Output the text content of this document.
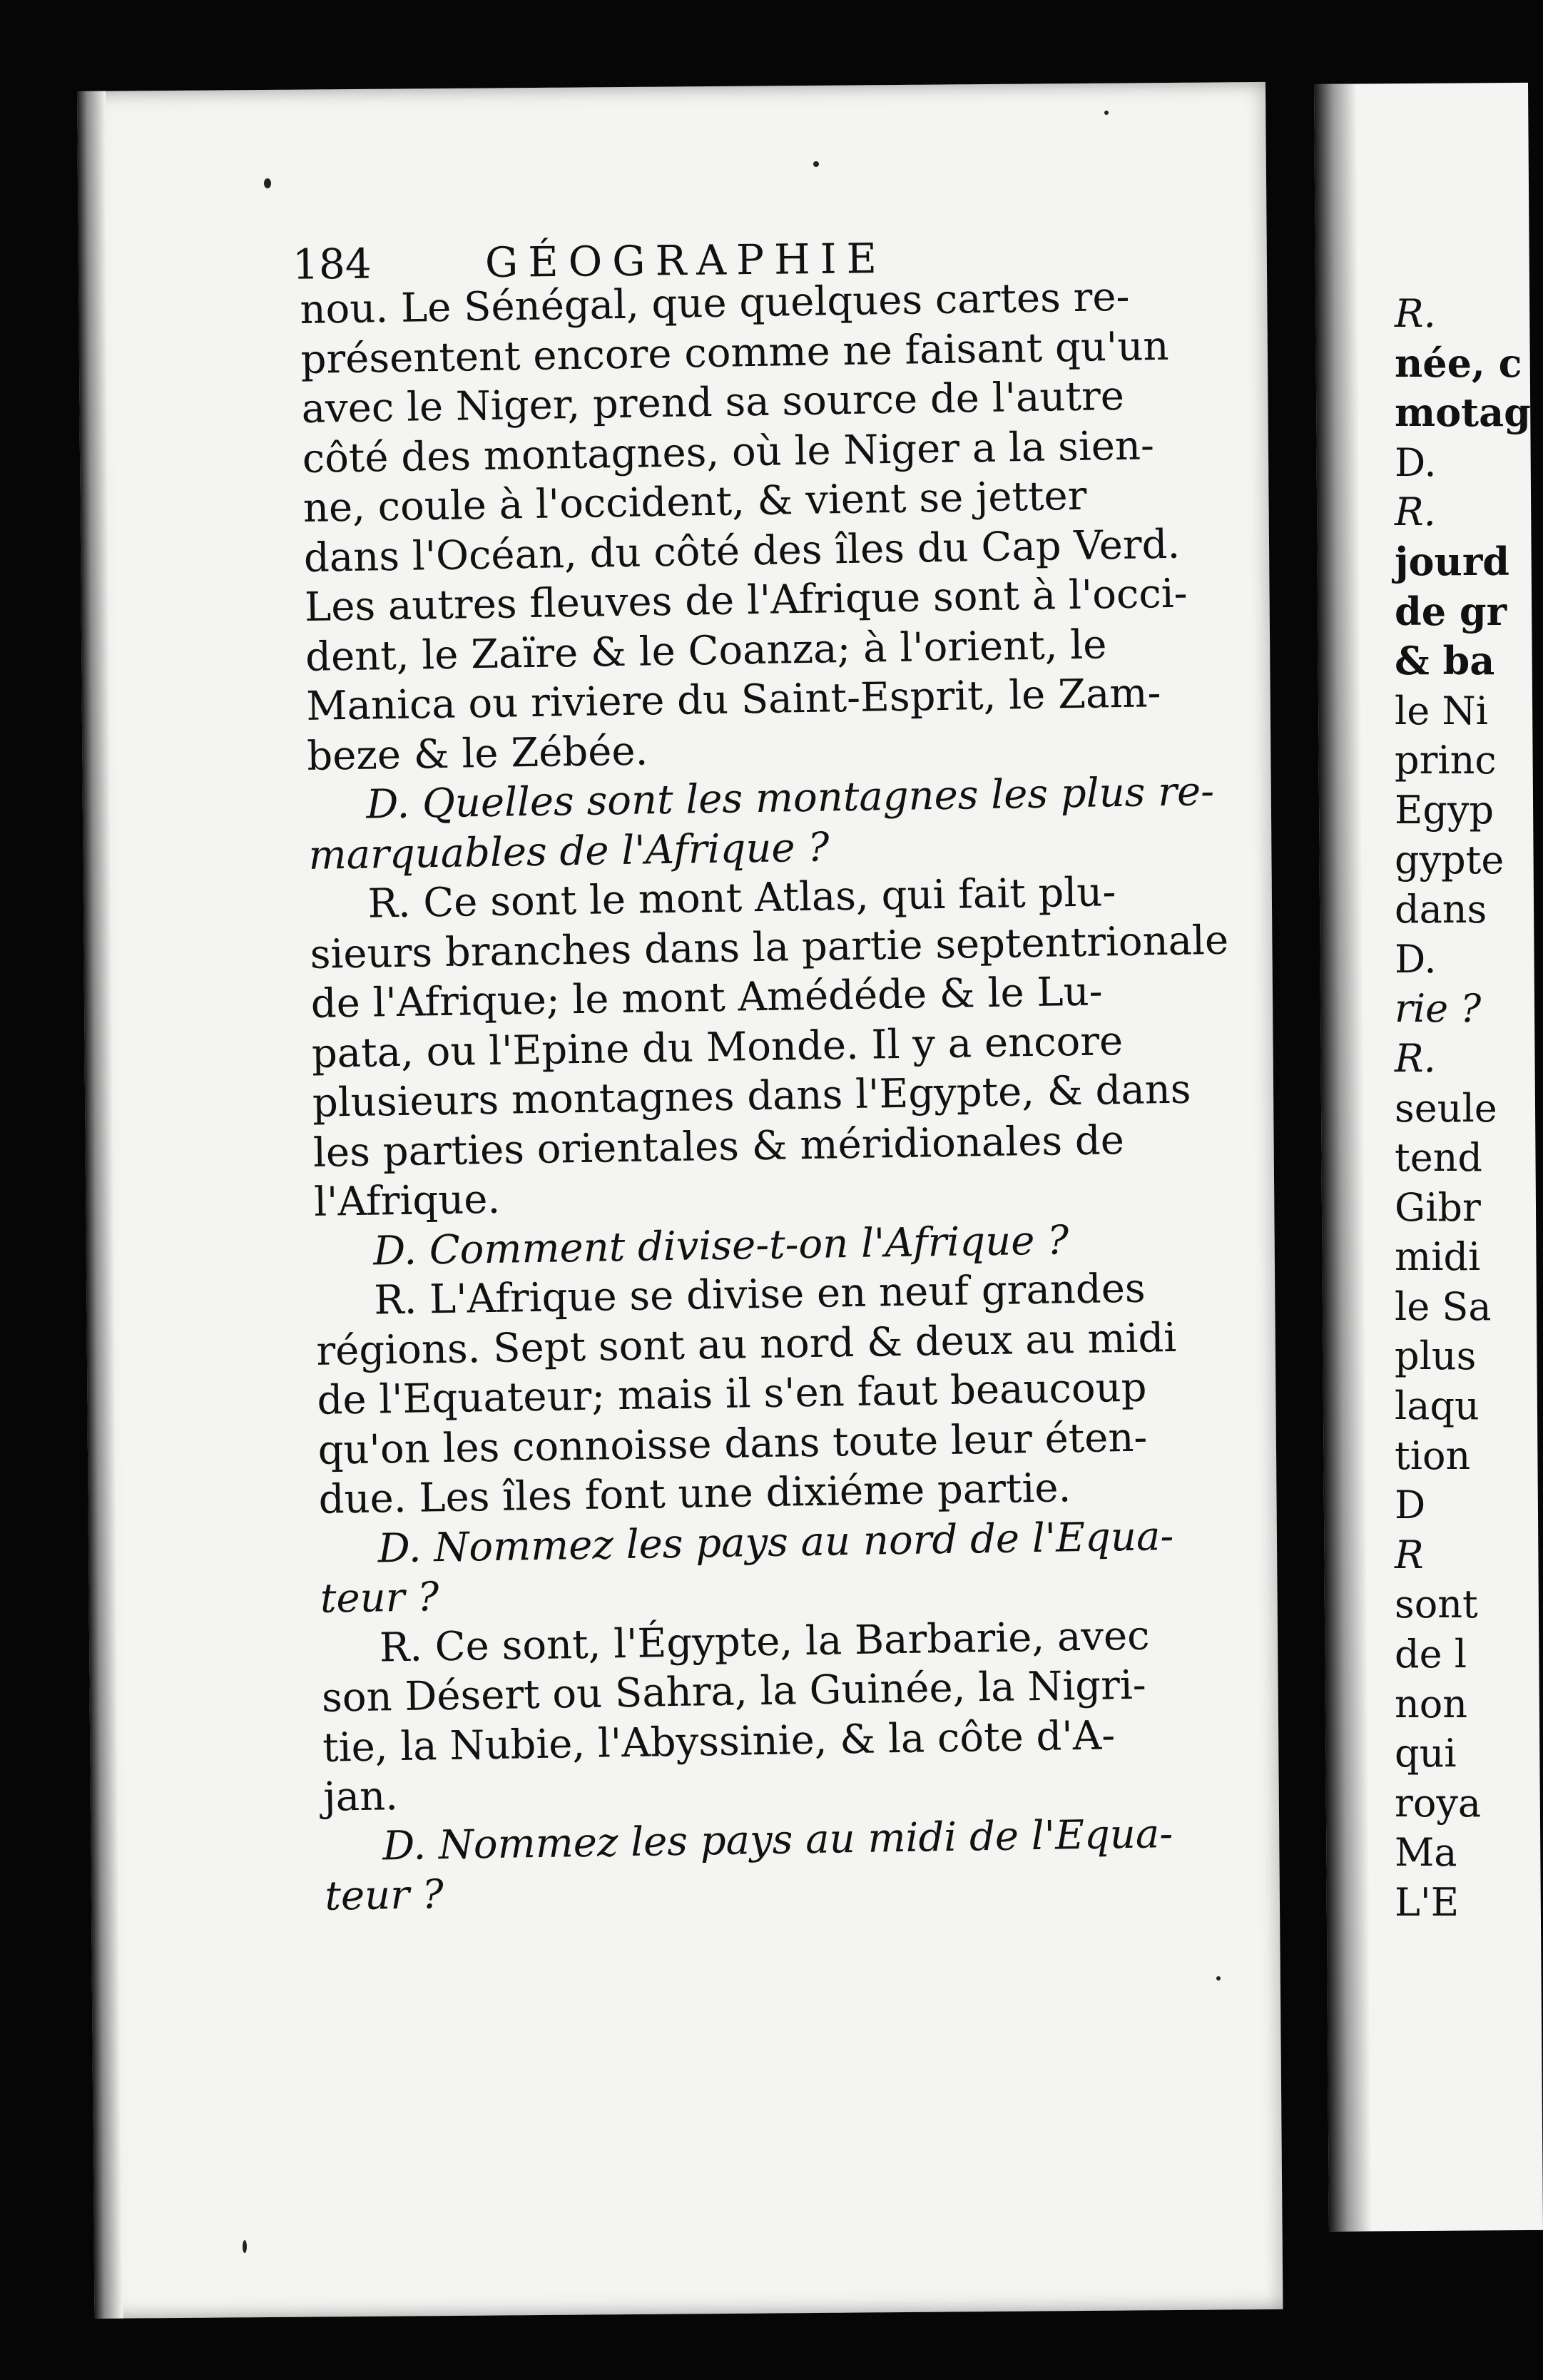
184	GÉOGRAPHIE
nou. Le Sénégal, que quelques cartes re-
présentent encore comme ne faisant qu'un
avec le Niger, prend sa source de l'autre
côté des montagnes, où le Niger a la sien-
ne, coule à l'occident, & vient se jetter
dans l'Océan, du côté des îles du Cap Verd.
Les autres fleuves de l'Afrique sont à l'occi-
dent, le Zaïre & le Coanza; à l'orient, le
Manica ou riviere du Saint-Esprit, le Zam-
beze & le Zébée.
D. Quelles sont les montagnes les plus re-
marquables de l'Afrique ?
R. Ce sont le mont Atlas, qui fait plu-
sieurs branches dans la partie septentrionale
de l'Afrique; le mont Amédéde & le Lu-
pata, ou l'Epine du Monde. Il y a encore
plusieurs montagnes dans l'Egypte, & dans
les parties orientales & méridionales de
l'Afrique.
D. Comment divise-t-on l'Afrique ?
R. L'Afrique se divise en neuf grandes
régions. Sept sont au nord & deux au midi
de l'Equateur; mais il s'en faut beaucoup
qu'on les connoisse dans toute leur éten-
due. Les îles font une dixiéme partie.
D. Nommez les pays au nord de l'Equa-
teur ?
R. Ce sont, l'Égypte, la Barbarie, avec
son Désert ou Sahra, la Guinée, la Nigri-
tie, la Nubie, l'Abyssinie, & la côte d'A-
jan.
D. Nommez les pays au midi de l'Equa-
teur ?
R.
née, c
motag
D.
R.
jourd
de gr
& ba
le Ni
princ
Egyp
gypte
dans
D.
rie ?
R.
seule
tend
Gibr
midi
le Sa
plus
laqu
tion
D
R
sont
de l
non
qui
roya
Ma
L'E
